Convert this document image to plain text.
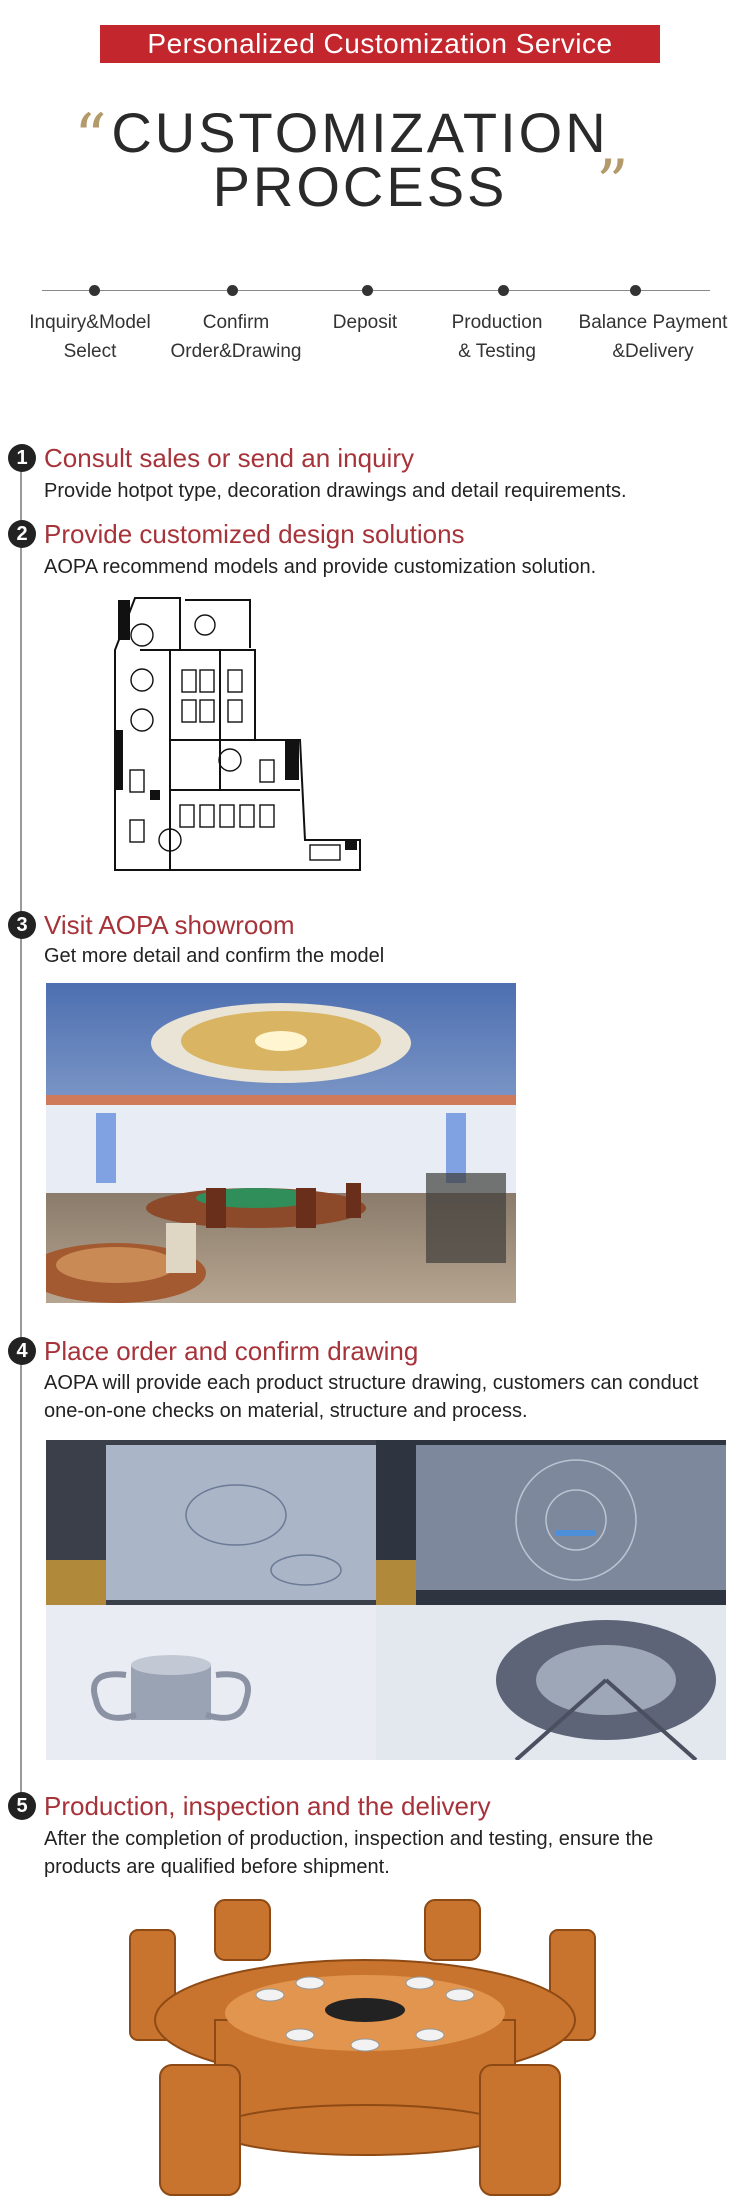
Personalized Customization Service
“ CUSTOMIZATION
PROCESS	”
Inquiry&Model
Select
Confirm
Order&Drawing
Deposit	Production
& Testing
Balance Payment
&Delivery
1 Consult sales or send an inquiry
Provide hotpot type, decoration drawings and detail requirements.
2 Provide customized design solutions
AOPA recommend models and provide customization solution.
3 Visit AOPA showroom
Get more detail and confirm the model
4 Place order and confirm drawing
AOPA will provide each product structure drawing, customers can conduct one-on-one checks on material, structure and process.
5 Production, inspection and the delivery
After the completion of production, inspection and testing, ensure the products are qualified before shipment.
